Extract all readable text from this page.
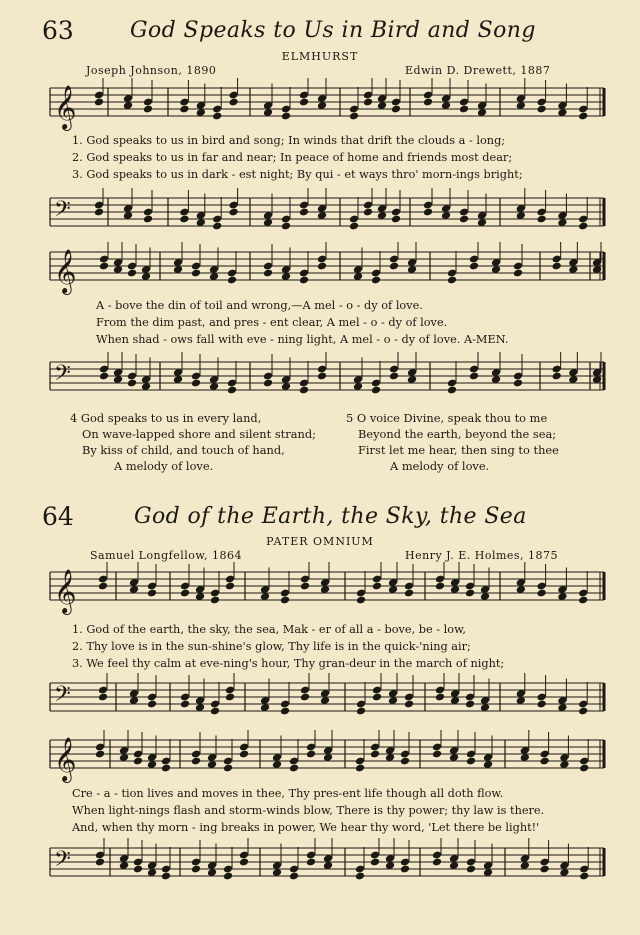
63	God Speaks to Us in Bird and Song
ELMHURST
Joseph Johnson, 1890	Edwin D. Drewett, 1887
𝄞
1. God speaks to us in bird and song; In winds that drift the clouds a - long;
2. God speaks to us in far and near; In peace of home and friends most dear;
3. God speaks to us in dark - est night; By qui - et ways thro' morn-ings bright;
𝄢
𝄞
A - bove the din of toil and wrong,—A mel - o - dy of love.
From the dim past, and pres - ent clear, A mel - o - dy of love.
When shad - ows fall with eve - ning light, A mel - o - dy of love. A-MEN.
𝄢
4 God speaks to us in every land,
On wave-lapped shore and silent strand;
By kiss of child, and touch of hand,
A melody of love.
5 O voice Divine, speak thou to me
Beyond the earth, beyond the sea;
First let me hear, then sing to thee
A melody of love.
64	God of the Earth, the Sky, the Sea
PATER OMNIUM
Samuel Longfellow, 1864	Henry J. E. Holmes, 1875
𝄞
1. God of the earth, the sky, the sea, Mak - er of all a - bove, be - low,
2. Thy love is in the sun-shine's glow, Thy life is in the quick-'ning air;
3. We feel thy calm at eve-ning's hour, Thy gran-deur in the march of night;
𝄢
𝄞
Cre - a - tion lives and moves in thee, Thy pres-ent life though all doth flow.
When light-nings flash and storm-winds blow, There is thy power; thy law is there.
And, when thy morn - ing breaks in power, We hear thy word, 'Let there be light!'
𝄢
